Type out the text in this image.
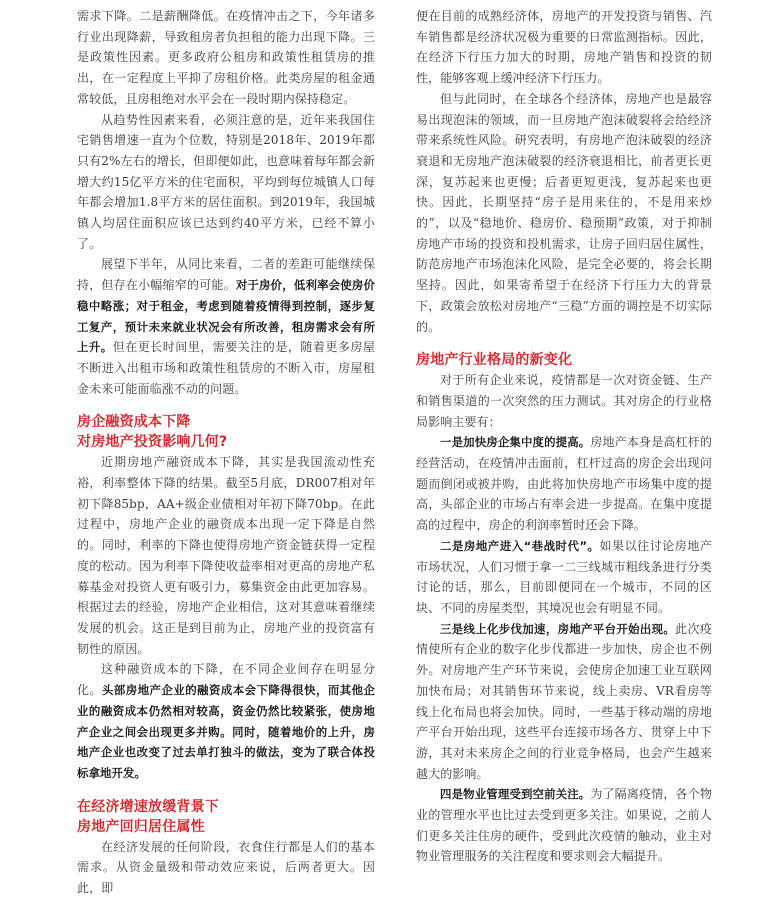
需求下降。二是薪酬降低。在疫情冲击之下，今年诸多行业出现降薪，导致租房者负担租的能力出现下降。三是政策性因素。更多政府公租房和政策性租赁房的推出，在一定程度上平抑了房租价格。此类房屋的租金通常较低，且房租绝对水平会在一段时期内保持稳定。

从趋势性因素来看，必须注意的是，近年来我国住宅销售增速一直为个位数，特别是2018年、2019年都只有2%左右的增长，但即便如此，也意味着每年都会新增大约15亿平方米的住宅面积，平均到每位城镇人口每年都会增加1.8平方米的居住面积。到2019年，我国城镇人均居住面积应该已达到约40平方米，已经不算小了。

展望下半年，从同比来看，二者的差距可能继续保持，但存在小幅缩窄的可能。对于房价，低利率会使房价稳中略涨；对于租金，考虑到随着疫情得到控制，逐步复工复产，预计未来就业状况会有所改善，租房需求会有所上升。但在更长时间里，需要关注的是，随着更多房屋不断进入出租市场和政策性租赁房的不断入市，房屋租金未来可能面临涨不动的问题。

房企融资成本下降
对房地产投资影响几何?

近期房地产融资成本下降，其实是我国流动性充裕，利率整体下降的结果。截至5月底，DR007相对年初下降85bp，AA+级企业债相对年初下降70bp。在此过程中，房地产企业的融资成本出现一定下降是自然的。同时，利率的下降也使得房地产资金链获得一定程度的松动。因为利率下降使收益率相对更高的房地产私募基金对投资人更有吸引力，募集资金由此更加容易。根据过去的经验，房地产企业相信，这对其意味着继续发展的机会。这正是到目前为止，房地产业的投资富有韧性的原因。

这种融资成本的下降，在不同企业间存在明显分化。头部房地产企业的融资成本会下降得很快，而其他企业的融资成本仍然相对较高，资金仍然比较紧张，使房地产企业之间会出现更多并购。同时，随着地价的上升，房地产企业也改变了过去单打独斗的做法，变为了联合体投标拿地开发。

在经济增速放缓背景下
房地产回归居住属性

在经济发展的任何阶段，衣食住行都是人们的基本需求。从资金量级和带动效应来说，后两者更大。因此，即

便在目前的成熟经济体，房地产的开发投资与销售、汽车销售都是经济状况极为重要的日常监测指标。因此，在经济下行压力加大的时期，房地产销售和投资的韧性，能够客观上缓冲经济下行压力。

但与此同时，在全球各个经济体，房地产也是最容易出现泡沫的领域，而一旦房地产泡沫破裂将会给经济带来系统性风险。研究表明，有房地产泡沫破裂的经济衰退和无房地产泡沫破裂的经济衰退相比，前者更长更深，复苏起来也更慢；后者更短更浅，复苏起来也更快。因此，长期坚持“房子是用来住的，不是用来炒的”，以及“稳地价、稳房价、稳预期”政策，对于抑制房地产市场的投资和投机需求，让房子回归居住属性，防范房地产市场泡沫化风险，是完全必要的，将会长期坚持。因此，如果寄希望于在经济下行压力大的背景下，政策会放松对房地产“三稳”方面的调控是不切实际的。

房地产行业格局的新变化

对于所有企业来说，疫情都是一次对资金链、生产和销售渠道的一次突然的压力测试。其对房企的行业格局影响主要有：

一是加快房企集中度的提高。房地产本身是高杠杆的经营活动，在疫情冲击面前，杠杆过高的房企会出现问题而倒闭或被并购，由此将加快房地产市场集中度的提高，头部企业的市场占有率会进一步提高。在集中度提高的过程中，房企的利润率暂时还会下降。

二是房地产进入“巷战时代”。如果以往讨论房地产市场状况，人们习惯于拿一二三线城市粗线条进行分类讨论的话，那么，目前即便同在一个城市，不同的区块、不同的房屋类型，其境况也会有明显不同。

三是线上化步伐加速，房地产平台开始出现。此次疫情使所有企业的数字化步伐都进一步加快，房企也不例外。对房地产生产环节来说，会使房企加速工业互联网加快布局；对其销售环节来说，线上卖房、VR看房等线上化布局也将会加快。同时，一些基于移动端的房地产平台开始出现，这些平台连接市场各方、贯穿上中下游，其对未来房企之间的行业竞争格局，也会产生越来越大的影响。

四是物业管理受到空前关注。为了隔离疫情，各个物业的管理水平也比过去受到更多关注。如果说，之前人们更多关注住房的硬件，受到此次疫情的触动，业主对物业管理服务的关注程度和要求则会大幅提升。
